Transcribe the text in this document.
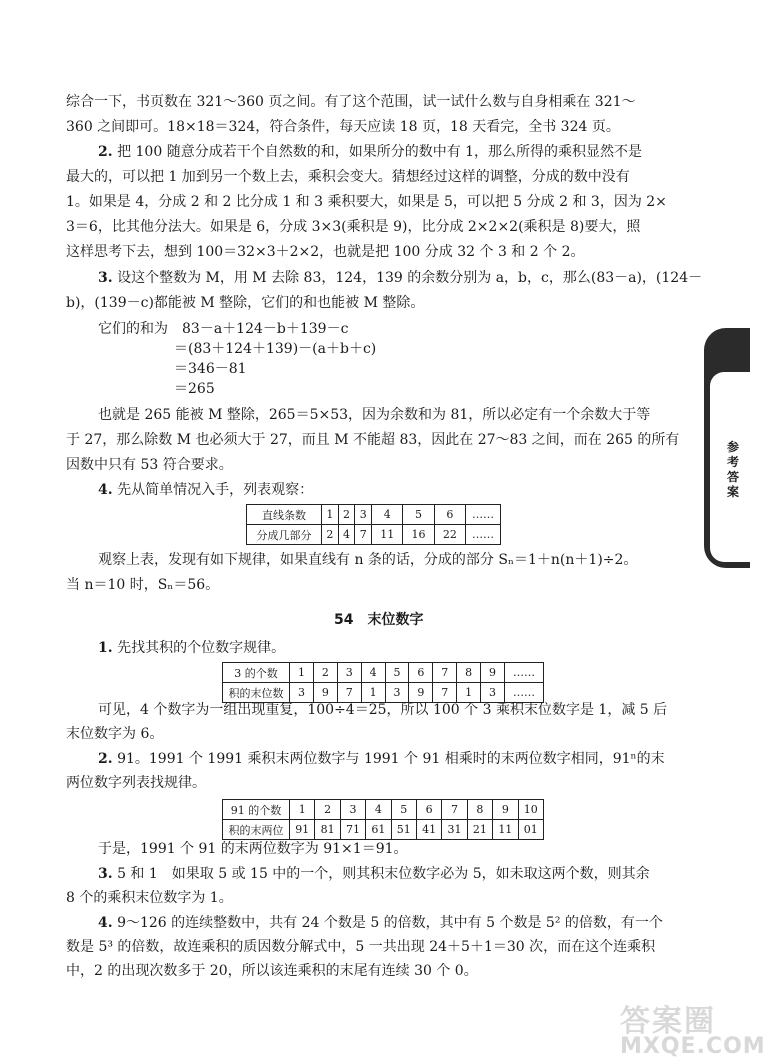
参考答案
综合一下，书页数在 321～360 页之间。有了这个范围，试一试什么数与自身相乘在 321～
360 之间即可。18×18＝324，符合条件，每天应读 18 页，18 天看完，全书 324 页。
2. 把 100 随意分成若干个自然数的和，如果所分的数中有 1，那么所得的乘积显然不是
最大的，可以把 1 加到另一个数上去，乘积会变大。猜想经过这样的调整，分成的数中没有
1。如果是 4，分成 2 和 2 比分成 1 和 3 乘积要大，如果是 5，可以把 5 分成 2 和 3，因为 2×
3＝6，比其他分法大。如果是 6，分成 3×3(乘积是 9)，比分成 2×2×2(乘积是 8)要大，照
这样思考下去，想到 100＝32×3＋2×2，也就是把 100 分成 32 个 3 和 2 个 2。
3. 设这个整数为 M，用 M 去除 83，124，139 的余数分别为 a，b，c，那么(83－a)，(124－
b)，(139－c)都能被 M 整除，它们的和也能被 M 整除。
它们的和为　83－a＋124－b＋139－c
＝(83＋124＋139)－(a＋b＋c)
＝346－81
＝265
也就是 265 能被 M 整除，265＝5×53，因为余数和为 81，所以必定有一个余数大于等
于 27，那么除数 M 也必须大于 27，而且 M 不能超 83，因此在 27～83 之间，而在 265 的所有
因数中只有 53 符合要求。
4. 先从简单情况入手，列表观察：
直线条数	1	2	3	4	5	6	……
分成几部分	2	4	7	11	16	22	……
观察上表，发现有如下规律，如果直线有 n 条的话，分成的部分 Sₙ＝1＋n(n＋1)÷2。
当 n＝10 时，Sₙ＝56。
54　 末位数字
1. 先找其积的个位数字规律。
3 的个数	1	2	3	4	5	6	7	8	9	……
积的末位数	3	9	7	1	3	9	7	1	3	……
可见，4 个数字为一组出现重复，100÷4＝25，所以 100 个 3 乘积末位数字是 1，减 5 后
末位数字为 6。
2. 91。1991 个 1991 乘积末两位数字与 1991 个 91 相乘时的末两位数字相同，91ⁿ的末
两位数字列表找规律。
91 的个数	1	2	3	4	5	6	7	8	9	10
积的末两位	91	81	71	61	51	41	31	21	11	01
于是，1991 个 91 的末两位数字为 91×1＝91。
3. 5 和 1　如果取 5 或 15 中的一个，则其积末位数字必为 5，如未取这两个数，则其余
8 个的乘积末位数字为 1。
4. 9～126 的连续整数中，共有 24 个数是 5 的倍数，其中有 5 个数是 5² 的倍数，有一个
数是 5³ 的倍数，故连乘积的质因数分解式中，5 一共出现 24＋5＋1＝30 次，而在这个连乘积
中，2 的出现次数多于 20，所以该连乘积的末尾有连续 30 个 0。
答案圈
MXQE.COM
